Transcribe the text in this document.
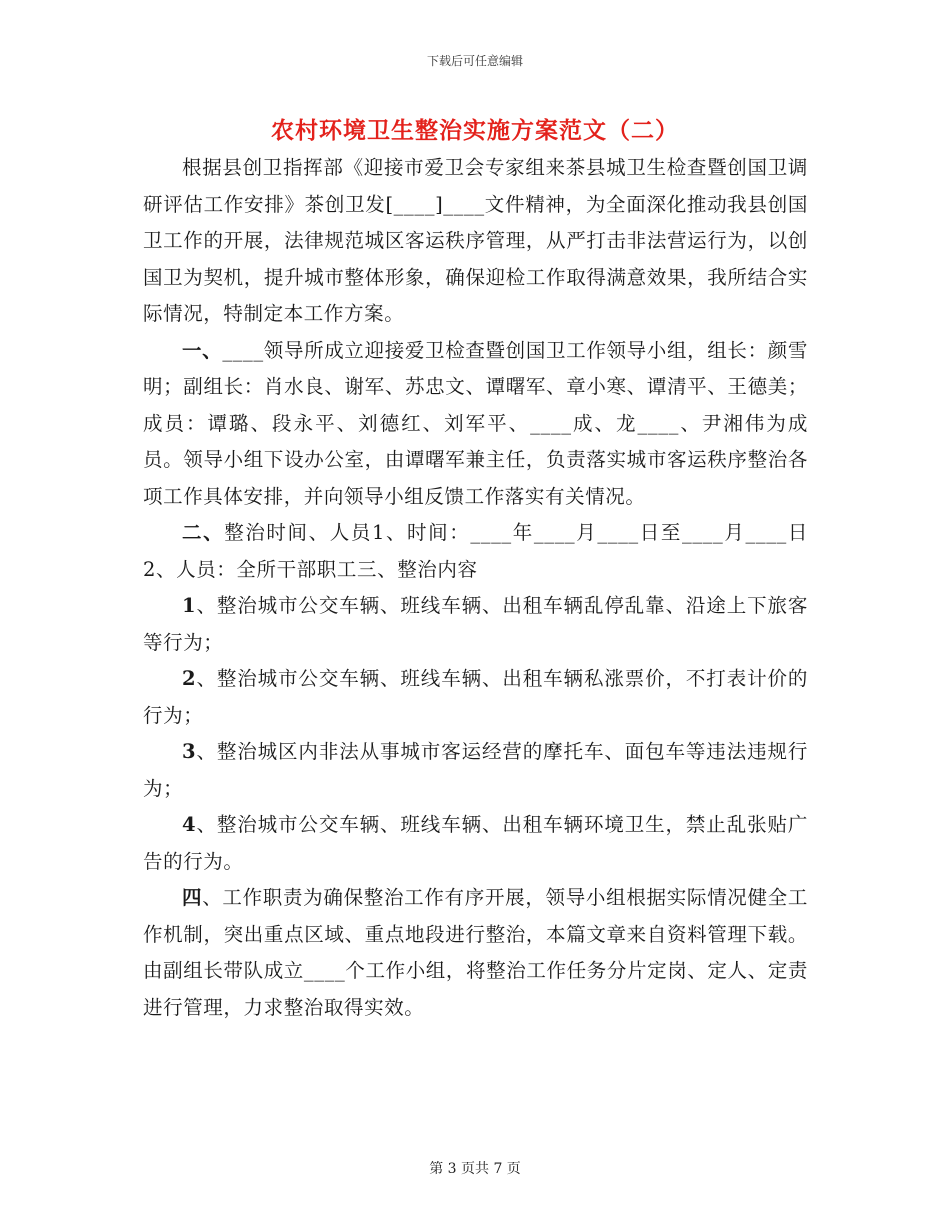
下载后可任意编辑
农村环境卫生整治实施方案范文（二）

根据县创卫指挥部《迎接市爱卫会专家组来茶县城卫生检查暨创国卫调研评估工作安排》茶创卫发[____]____文件精神，为全面深化推动我县创国卫工作的开展，法律规范城区客运秩序管理，从严打击非法营运行为，以创国卫为契机，提升城市整体形象，确保迎检工作取得满意效果，我所结合实际情况，特制定本工作方案。

一、____领导所成立迎接爱卫检查暨创国卫工作领导小组，组长：颜雪明；副组长：肖水良、谢军、苏忠文、谭曙军、章小寒、谭清平、王德美；成员：谭璐、段永平、刘德红、刘军平、____成、龙____、尹湘伟为成员。领导小组下设办公室，由谭曙军兼主任，负责落实城市客运秩序整治各项工作具体安排，并向领导小组反馈工作落实有关情况。

二、整治时间、人员1、时间：____年____月____日至____月____日2、人员：全所干部职工三、整治内容

1、整治城市公交车辆、班线车辆、出租车辆乱停乱靠、沿途上下旅客等行为；

2、整治城市公交车辆、班线车辆、出租车辆私涨票价，不打表计价的行为；

3、整治城区内非法从事城市客运经营的摩托车、面包车等违法违规行为；

4、整治城市公交车辆、班线车辆、出租车辆环境卫生，禁止乱张贴广告的行为。

四、工作职责为确保整治工作有序开展，领导小组根据实际情况健全工作机制，突出重点区域、重点地段进行整治，本篇文章来自资料管理下载。由副组长带队成立____个工作小组，将整治工作任务分片定岗、定人、定责进行管理，力求整治取得实效。

第 3 页共 7 页
